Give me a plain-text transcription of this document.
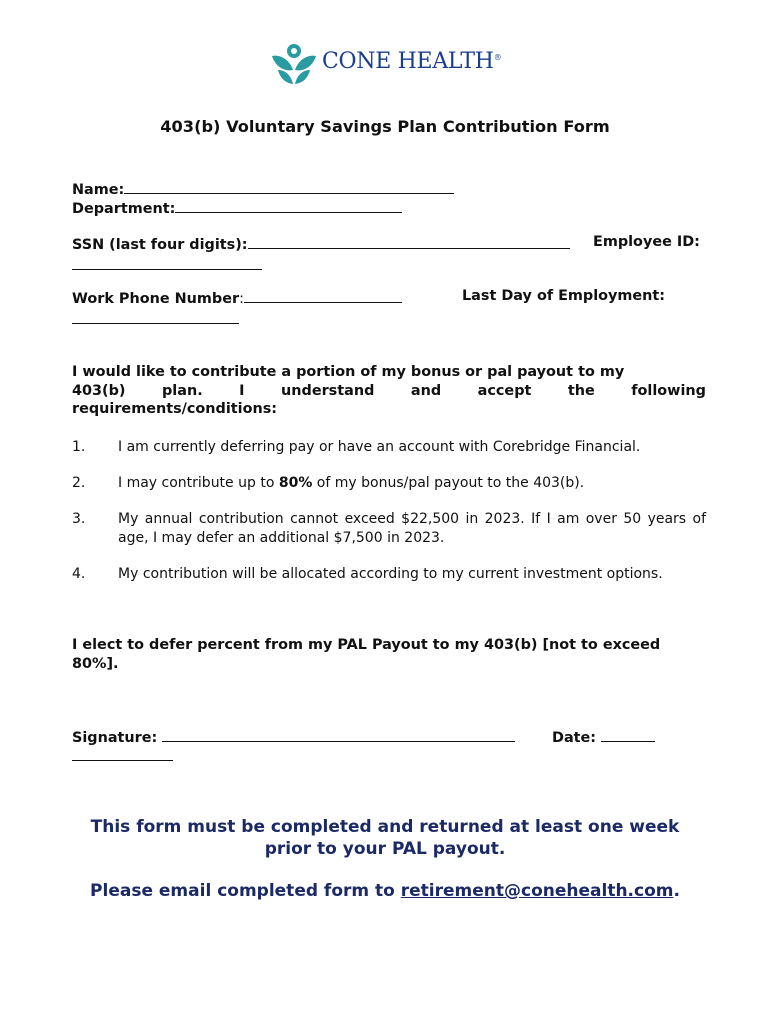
CONE HEALTH®
403(b) Voluntary Savings Plan Contribution Form
Name:
Department:
SSN (last four digits):	Employee ID:
Work Phone Number:	Last Day of Employment:
I would like to contribute a portion of my bonus or pal payout to my
403(b)	plan.	I	understand	and	accept	the	following
requirements/conditions:
1. I am currently deferring pay or have an account with Corebridge Financial.
2. I may contribute up to 80% of my bonus/pal payout to the 403(b).
3. My annual contribution cannot exceed $22,500 in 2023. If I am over 50 years of age, I may defer an additional $7,500 in 2023.
4. My contribution will be allocated according to my current investment options.
I elect to defer percent from my PAL Payout to my 403(b) [not to exceed 80%].
Signature:	Date:
This form must be completed and returned at least one week
prior to your PAL payout.
Please email completed form to retirement@conehealth.com.
